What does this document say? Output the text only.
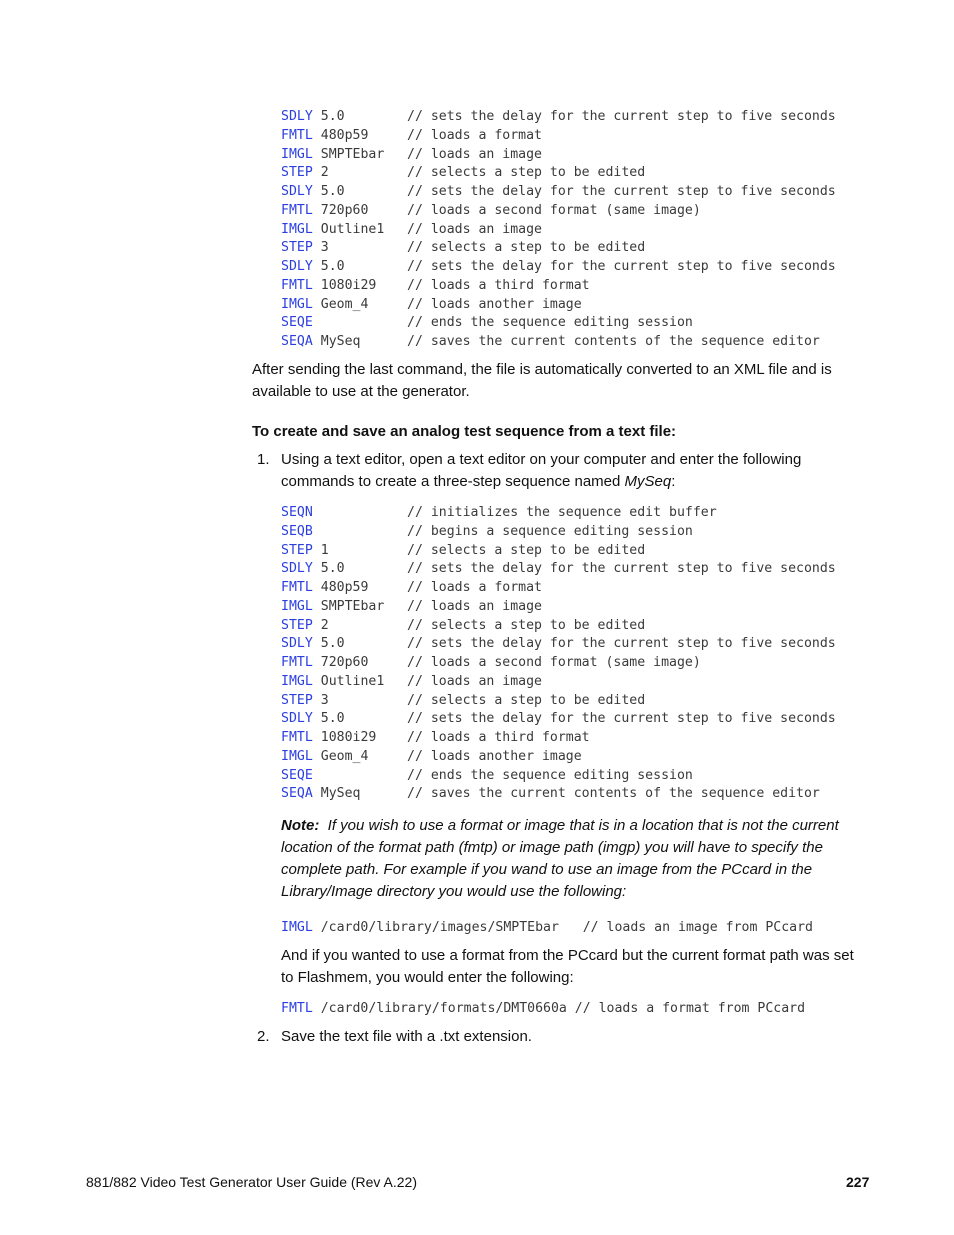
SDLY 5.0	// sets the delay for the current step to five seconds
FMTL 480p59	// loads a format
IMGL SMPTEbar // loads an image
STEP 2	// selects a step to be edited
SDLY 5.0	// sets the delay for the current step to five seconds
FMTL 720p60	// loads a second format (same image)
IMGL Outline1 // loads an image
STEP 3	// selects a step to be edited
SDLY 5.0	// sets the delay for the current step to five seconds
FMTL 1080i29 // loads a third format
IMGL Geom_4	// loads another image
SEQE	// ends the sequence editing session
SEQA MySeq	// saves the current contents of the sequence editor
After sending the last command, the file is automatically converted to an XML file and is
available to use at the generator.
To create and save an analog test sequence from a text file:
1. Using a text editor, open a text editor on your computer and enter the following
commands to create a three-step sequence named MySeq:
SEQN	// initializes the sequence edit buffer
SEQB	// begins a sequence editing session
STEP 1	// selects a step to be edited
SDLY 5.0	// sets the delay for the current step to five seconds
FMTL 480p59	// loads a format
IMGL SMPTEbar // loads an image
STEP 2	// selects a step to be edited
SDLY 5.0	// sets the delay for the current step to five seconds
FMTL 720p60	// loads a second format (same image)
IMGL Outline1 // loads an image
STEP 3	// selects a step to be edited
SDLY 5.0	// sets the delay for the current step to five seconds
FMTL 1080i29 // loads a third format
IMGL Geom_4	// loads another image
SEQE	// ends the sequence editing session
SEQA MySeq	// saves the current contents of the sequence editor
Note: If you wish to use a format or image that is in a location that is not the current
location of the format path (fmtp) or image path (imgp) you will have to specify the
complete path. For example if you wand to use an image from the PCcard in the
Library/Image directory you would use the following:
IMGL /card0/library/images/SMPTEbar   // loads an image from PCcard
And if you wanted to use a format from the PCcard but the current format path was set
to Flashmem, you would enter the following:
FMTL /card0/library/formats/DMT0660a // loads a format from PCcard
2. Save the text file with a .txt extension.
881/882 Video Test Generator User Guide (Rev A.22)	227
